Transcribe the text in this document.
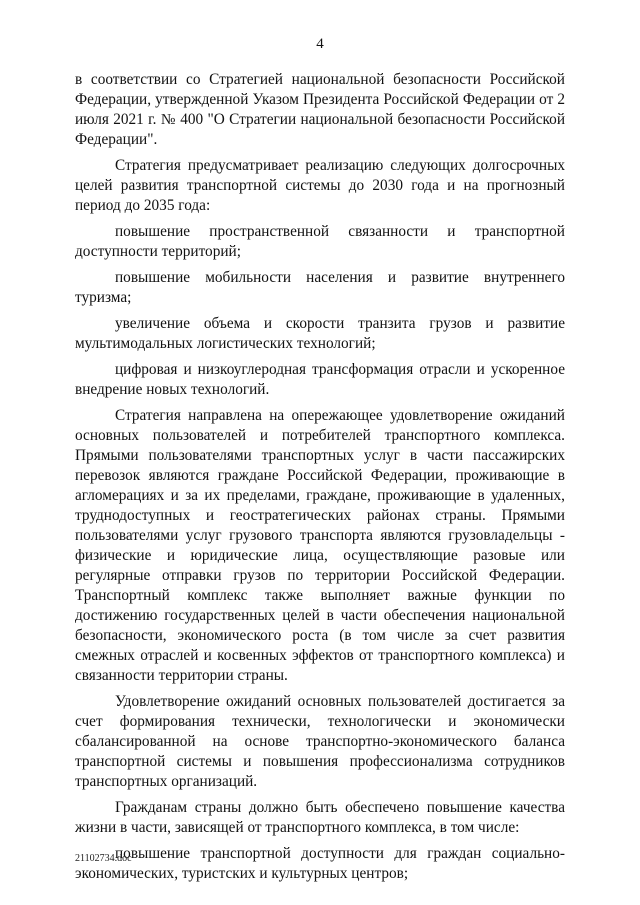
4

в соответствии со Стратегией национальной безопасности Российской Федерации, утвержденной Указом Президента Российской Федерации от 2 июля 2021 г. № 400 "О Стратегии национальной безопасности Российской Федерации".

Стратегия предусматривает реализацию следующих долгосрочных целей развития транспортной системы до 2030 года и на прогнозный период до 2035 года:

повышение пространственной связанности и транспортной доступности территорий;

повышение мобильности населения и развитие внутреннего туризма;

увеличение объема и скорости транзита грузов и развитие мультимодальных логистических технологий;

цифровая и низкоуглеродная трансформация отрасли и ускоренное внедрение новых технологий.

Стратегия направлена на опережающее удовлетворение ожиданий основных пользователей и потребителей транспортного комплекса. Прямыми пользователями транспортных услуг в части пассажирских перевозок являются граждане Российской Федерации, проживающие в агломерациях и за их пределами, граждане, проживающие в удаленных, труднодоступных и геостратегических районах страны. Прямыми пользователями услуг грузового транспорта являются грузовладельцы - физические и юридические лица, осуществляющие разовые или регулярные отправки грузов по территории Российской Федерации. Транспортный комплекс также выполняет важные функции по достижению государственных целей в части обеспечения национальной безопасности, экономического роста (в том числе за счет развития смежных отраслей и косвенных эффектов от транспортного комплекса) и связанности территории страны.

Удовлетворение ожиданий основных пользователей достигается за счет формирования технически, технологически и экономически сбалансированной на основе транспортно-экономического баланса транспортной системы и повышения профессионализма сотрудников транспортных организаций.

Гражданам страны должно быть обеспечено повышение качества жизни в части, зависящей от транспортного комплекса, в том числе:

повышение транспортной доступности для граждан социально-экономических, туристских и культурных центров;

21102734.doc
